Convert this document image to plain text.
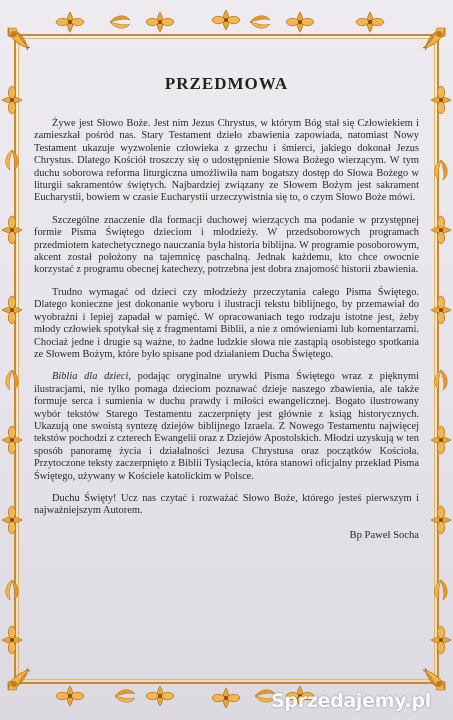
PRZEDMOWA

Żywe jest Słowo Boże. Jest nim Jezus Chrystus, w którym Bóg stał się Człowiekiem i zamieszkał pośród nas. Stary Testament dzieło zbawienia zapowiada, natomiast Nowy Testament ukazuje wyzwolenie człowieka z grzechu i śmierci, jakiego dokonał Jezus Chrystus. Dlatego Kościół troszczy się o udostępnienie Słowa Bożego wierzącym. W tym duchu soborowa reforma liturgiczna umożliwiła nam bogatszy dostęp do Słowa Bożego w liturgii sakramentów świętych. Najbardziej związany ze Słowem Bożym jest sakrament Eucharystii, bowiem w czasie Eucharystii urzeczywistnia się to, o czym Słowo Boże mówi.

Szczególne znaczenie dla formacji duchowej wierzących ma podanie w przystępnej formie Pisma Świętego dzieciom i młodzieży. W przedsoborowych programach przedmiotem katechetycznego nauczania była historia biblijna. W programie posoborowym, akcent został położony na tajemnicę paschalną. Jednak każdemu, kto chce owocnie korzystać z programu obecnej katechezy, potrzebna jest dobra znajomość historii zbawienia.

Trudno wymagać od dzieci czy młodzieży przeczytania całego Pisma Świętego. Dlatego konieczne jest dokonanie wyboru i ilustracji tekstu biblijnego, by przemawiał do wyobraźni i lepiej zapadał w pamięć. W opracowaniach tego rodzaju istotne jest, żeby młody człowiek spotykał się z fragmentami Biblii, a nie z omówieniami lub komentarzami. Chociaż jedne i drugie są ważne, to żadne ludzkie słowa nie zastąpią osobistego spotkania ze Słowem Bożym, które było spisane pod działaniem Ducha Świętego.

Biblia dla dzieci, podając oryginalne urywki Pisma Świętego wraz z pięknymi ilustracjami, nie tylko pomaga dzieciom poznawać dzieje naszego zbawienia, ale także formuje serca i sumienia w duchu prawdy i miłości ewangelicznej. Bogato ilustrowany wybór tekstów Starego Testamentu zaczerpnięty jest głównie z ksiąg historycznych. Ukazują one swoistą syntezę dziejów biblijnego Izraela. Z Nowego Testamentu najwięcej tekstów pochodzi z czterech Ewangelii oraz z Dziejów Apostolskich. Młodzi uzyskują w ten sposób panoramę życia i działalności Jezusa Chrystusa oraz początków Kościoła. Przytoczone teksty zaczerpnięto z Biblii Tysiąclecia, która stanowi oficjalny przekład Pisma Świętego, używany w Kościele katolickim w Polsce.

Duchu Święty! Ucz nas czytać i rozważać Słowo Boże, którego jesteś pierwszym i najważniejszym Autorem.

Bp Paweł Socha

Sprzedajemy.pl
